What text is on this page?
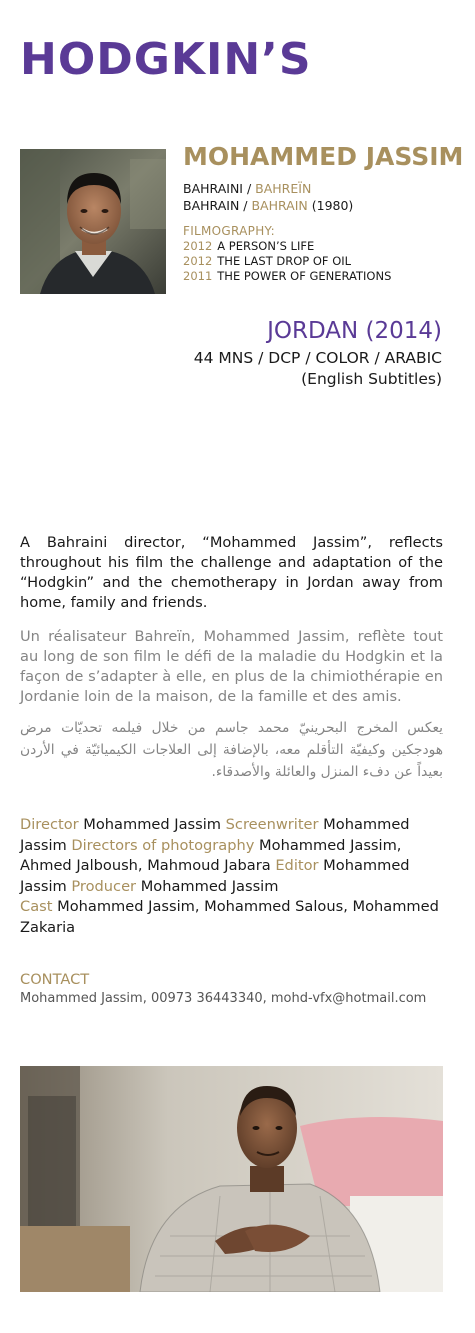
HODGKIN’S
MOHAMMED JASSIM
BAHRAINI / BAHREÏN
BAHRAIN / BAHRAIN (1980)
FILMOGRAPHY:
2012 A PERSON’S LIFE
2012 THE LAST DROP OF OIL
2011 THE POWER OF GENERATIONS
JORDAN (2014)
44 MNS / DCP / COLOR / ARABIC
(English Subtitles)

A Bahraini director, “Mohammed Jassim”, reflects throughout his film the challenge and adaptation of the “Hodgkin” and the chemotherapy in Jordan away from home, family and friends.

Un réalisateur Bahreïn, Mohammed Jassim, reflète tout au long de son film le défi de la maladie du Hodgkin et la façon de s’adapter à elle, en plus de la chimiothérapie en Jordanie loin de la maison, de la famille et des amis.

يعكس المخرج البحرينيّ محمد جاسم من خلال فيلمه تحديّات مرض هودجكين وكيفيّة التأقلم معه، بالإضافة إلى العلاجات الكيميائيّة في الأردن بعيداً عن دفء المنزل والعائلة والأصدقاء.

Director Mohammed Jassim Screenwriter Mohammed Jassim Directors of photography Mohammed Jassim, Ahmed Jalboush, Mahmoud Jabara Editor Mohammed Jassim Producer Mohammed Jassim
Cast Mohammed Jassim, Mohammed Salous, Mohammed Zakaria

CONTACT
Mohammed Jassim, 00973 36443340, mohd-vfx@hotmail.com
